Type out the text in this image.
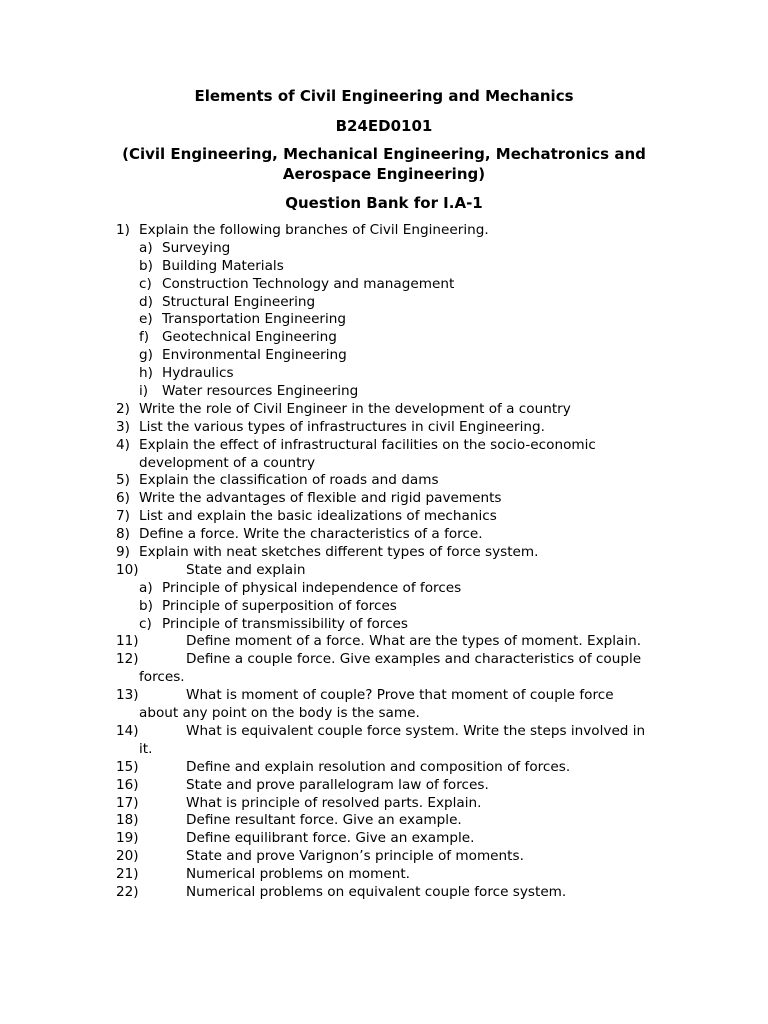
Elements of Civil Engineering and Mechanics
B24ED0101
(Civil Engineering, Mechanical Engineering, Mechatronics and
Aerospace Engineering)
Question Bank for I.A-1
1) Explain the following branches of Civil Engineering.
a) Surveying
b) Building Materials
c) Construction Technology and management
d) Structural Engineering
e) Transportation Engineering
f) Geotechnical Engineering
g) Environmental Engineering
h) Hydraulics
i) Water resources Engineering
2) Write the role of Civil Engineer in the development of a country
3) List the various types of infrastructures in civil Engineering.
4) Explain the effect of infrastructural facilities on the socio-economic
development of a country
5) Explain the classification of roads and dams
6) Write the advantages of flexible and rigid pavements
7) List and explain the basic idealizations of mechanics
8) Define a force. Write the characteristics of a force.
9) Explain with neat sketches different types of force system.
10)	State and explain
a) Principle of physical independence of forces
b) Principle of superposition of forces
c) Principle of transmissibility of forces
11)	Define moment of a force. What are the types of moment. Explain.
12)	Define a couple force. Give examples and characteristics of couple
forces.
13)	What is moment of couple? Prove that moment of couple force
about any point on the body is the same.
14)	What is equivalent couple force system. Write the steps involved in
it.
15)	Define and explain resolution and composition of forces.
16)	State and prove parallelogram law of forces.
17)	What is principle of resolved parts. Explain.
18)	Define resultant force. Give an example.
19)	Define equilibrant force. Give an example.
20)	State and prove Varignon’s principle of moments.
21)	Numerical problems on moment.
22)	Numerical problems on equivalent couple force system.
